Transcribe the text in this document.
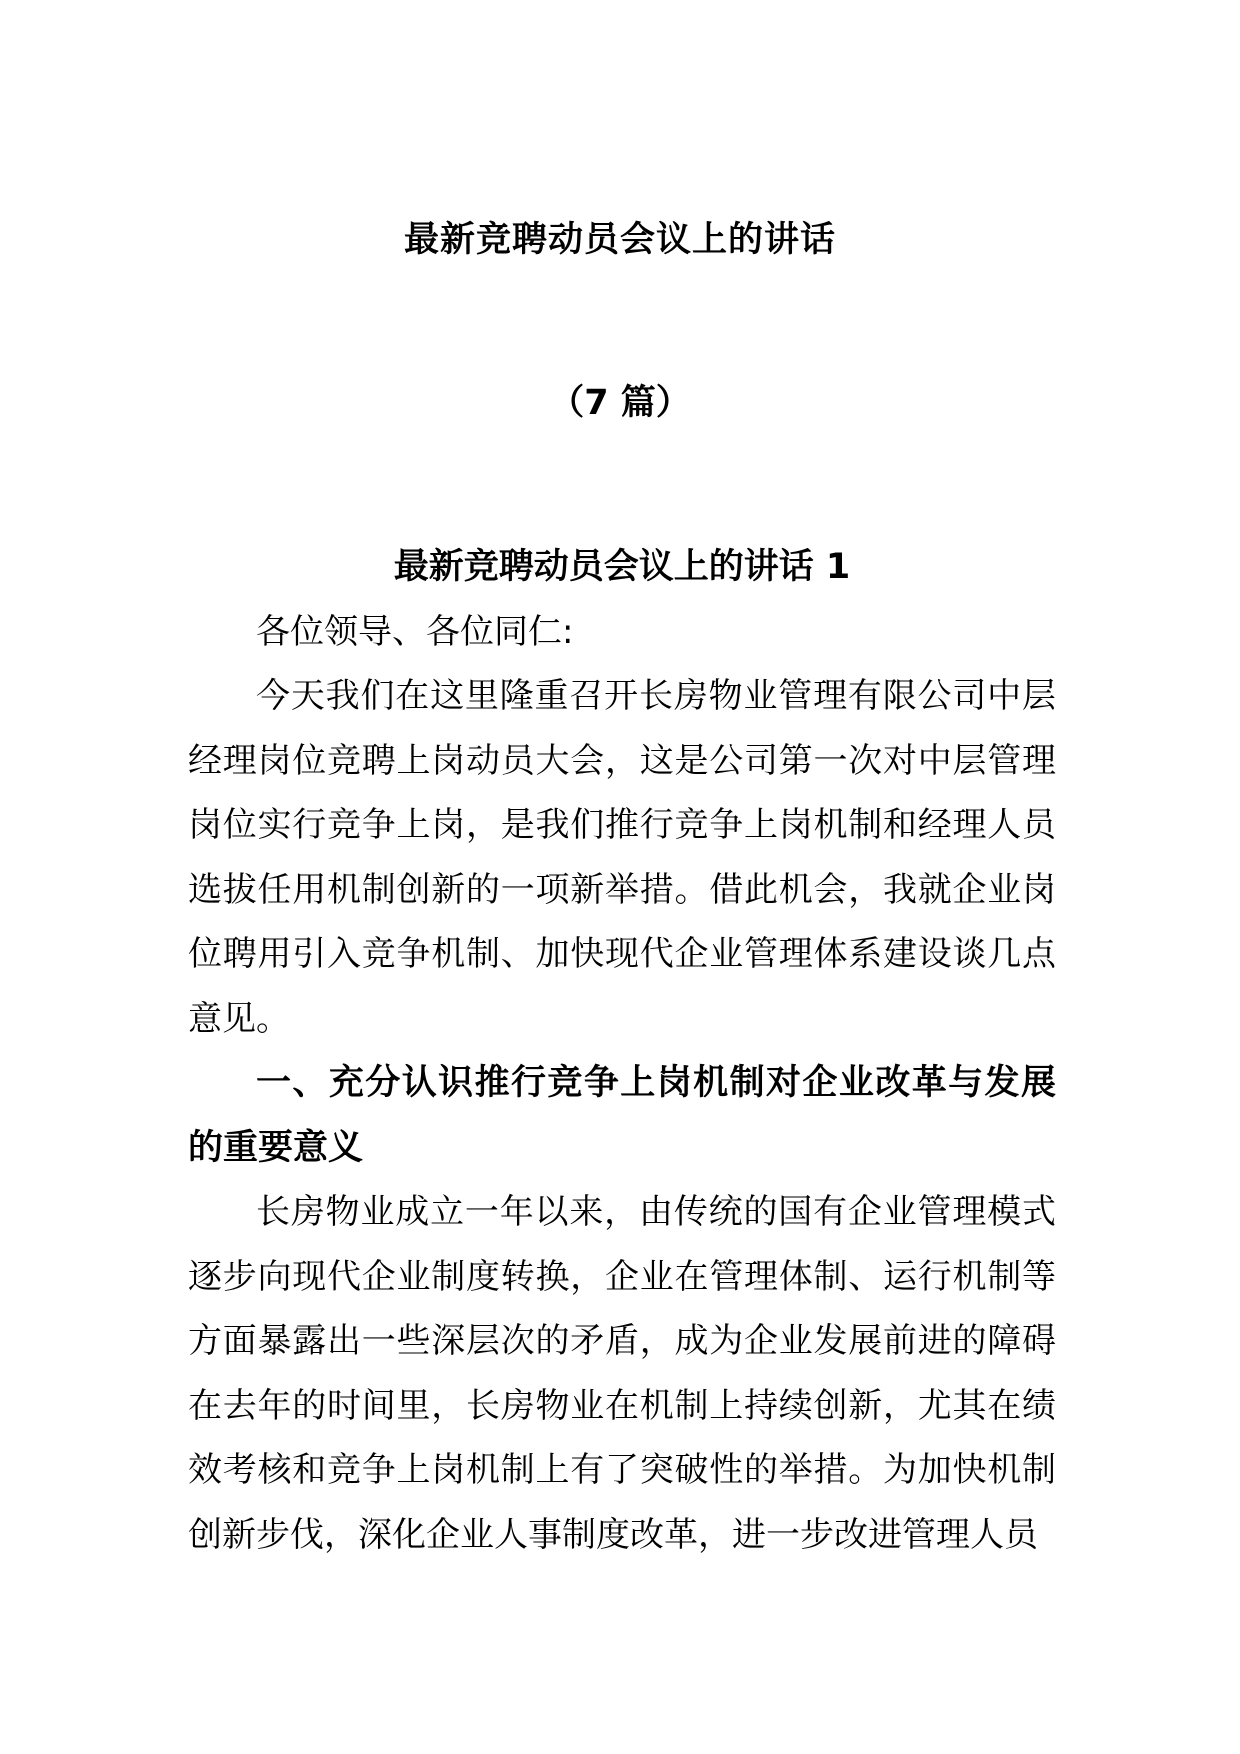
最新竞聘动员会议上的讲话
（7 篇）
最新竞聘动员会议上的讲话 1

各位领导、各位同仁:

今天我们在这里隆重召开长房物业管理有限公司中层经理岗位竞聘上岗动员大会，这是公司第一次对中层管理岗位实行竞争上岗，是我们推行竞争上岗机制和经理人员选拔任用机制创新的一项新举措。借此机会，我就企业岗位聘用引入竞争机制、加快现代企业管理体系建设谈几点意见。

一、充分认识推行竞争上岗机制对企业改革与发展的重要意义

长房物业成立一年以来，由传统的国有企业管理模式逐步向现代企业制度转换，企业在管理体制、运行机制等方面暴露出一些深层次的矛盾，成为企业发展前进的障碍在去年的时间里，长房物业在机制上持续创新，尤其在绩效考核和竞争上岗机制上有了突破性的举措。为加快机制创新步伐，深化企业人事制度改革，进一步改进管理人员
